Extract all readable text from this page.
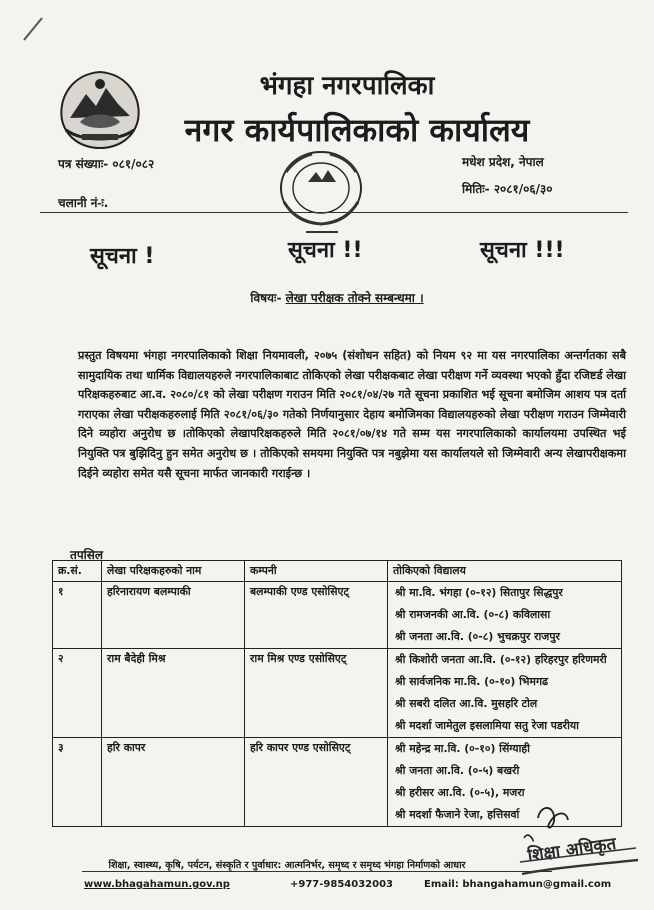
भंगहा नगरपालिका
नगर कार्यपालिकाको कार्यालय
पत्र संख्याः- ०८१/०८२
चलानी नं-ः.
मधेश प्रदेश, नेपाल
मितिः- २०८१/०६/३०
सूचना !	सूचना !!	सूचना !!!
विषयः- लेखा परीक्षक तोक्ने सम्बन्धमा ।
प्रस्तुत विषयमा भंगहा नगरपालिकाको शिक्षा नियमावली, २०७५ (संशोधन सहित) को नियम ९२ मा यस नगरपालिका अन्तर्गतका सबै सामुदायिक तथा धार्मिक विद्यालयहरुले नगरपालिकाबाट तोकिएको लेखा परीक्षकबाट लेखा परीक्षण गर्ने व्यवस्था भएको हुँदा रजिष्टर्ड लेखा परिक्षकहरुबाट आ.व. २०८०/८१ को लेखा परीक्षण गराउन मिति २०८१/०४/२७ गते सूचना प्रकाशित भई सूचना बमोजिम आशय पत्र दर्ता गराएका लेखा परीक्षकहरुलाई मिति २०८१/०६/३० गतेको निर्णयानुसार देहाय बमोजिमका विद्यालयहरुको लेखा परीक्षण गराउन जिम्मेवारी दिने व्यहोरा अनुरोध छ ।तोकिएको लेखापरिक्षकहरुले मिति २०८१/०७/१४ गते सम्म यस नगरपालिकाको कार्यालयमा उपस्थित भई नियुक्ति पत्र बुझिदिनु हुन समेत अनुरोध छ । तोकिएको समयमा नियुक्ति पत्र नबुझेमा यस कार्यालयले सो जिम्मेवारी अन्य लेखापरीक्षकमा दिईने व्यहोरा समेत यसै सूचना मार्फत जानकारी गराईन्छ ।
तपसिल
क्र.सं.	लेखा परिक्षकहरुको नाम	कम्पनी	तोकिएको विद्यालय
१	हरिनारायण बलम्पाकी	बलम्पाकी एण्ड एसोसिएट्	श्री मा.वि. भंगहा (०-१२) सितापुर सिद्धपुर
श्री रामजनकी आ.वि. (०-८) कविलासा
श्री जनता आ.वि. (०-८) भुचक्रपुर राजपुर

२	राम बैदेही मिश्र	राम मिश्र एण्ड एसोसिएट्	श्री किशोरी जनता आ.वि. (०-१२) हरिहरपुर हरिणमरी
श्री सार्वजनिक मा.वि. (०-१०) भिमगढ
श्री सबरी दलित आ.वि. मुसहरि टोल
श्री मदर्शा जामेतुल इसलामिया सतु रेजा पडरीया

३	हरि कापर	हरि कापर एण्ड एसोसिएट्	श्री महेन्द्र मा.वि. (०-१०) सिंग्याही
श्री जनता आ.वि. (०-५) बखरी
श्री हरीसर आ.वि. (०-५), मजरा
श्री मदर्शा फैजाने रेजा, हत्तिसर्वा
शिक्षा अधिकृत
शिक्षा, स्वास्थ्य, कृषि, पर्यटन, संस्कृति र पुर्वाधार: आत्मनिर्भर, समृध्द र समृध्द भंगहा निर्माणको आधार
www.bhagahamun.gov.np	+977-9854032003	Email: bhangahamun@gmail.com
